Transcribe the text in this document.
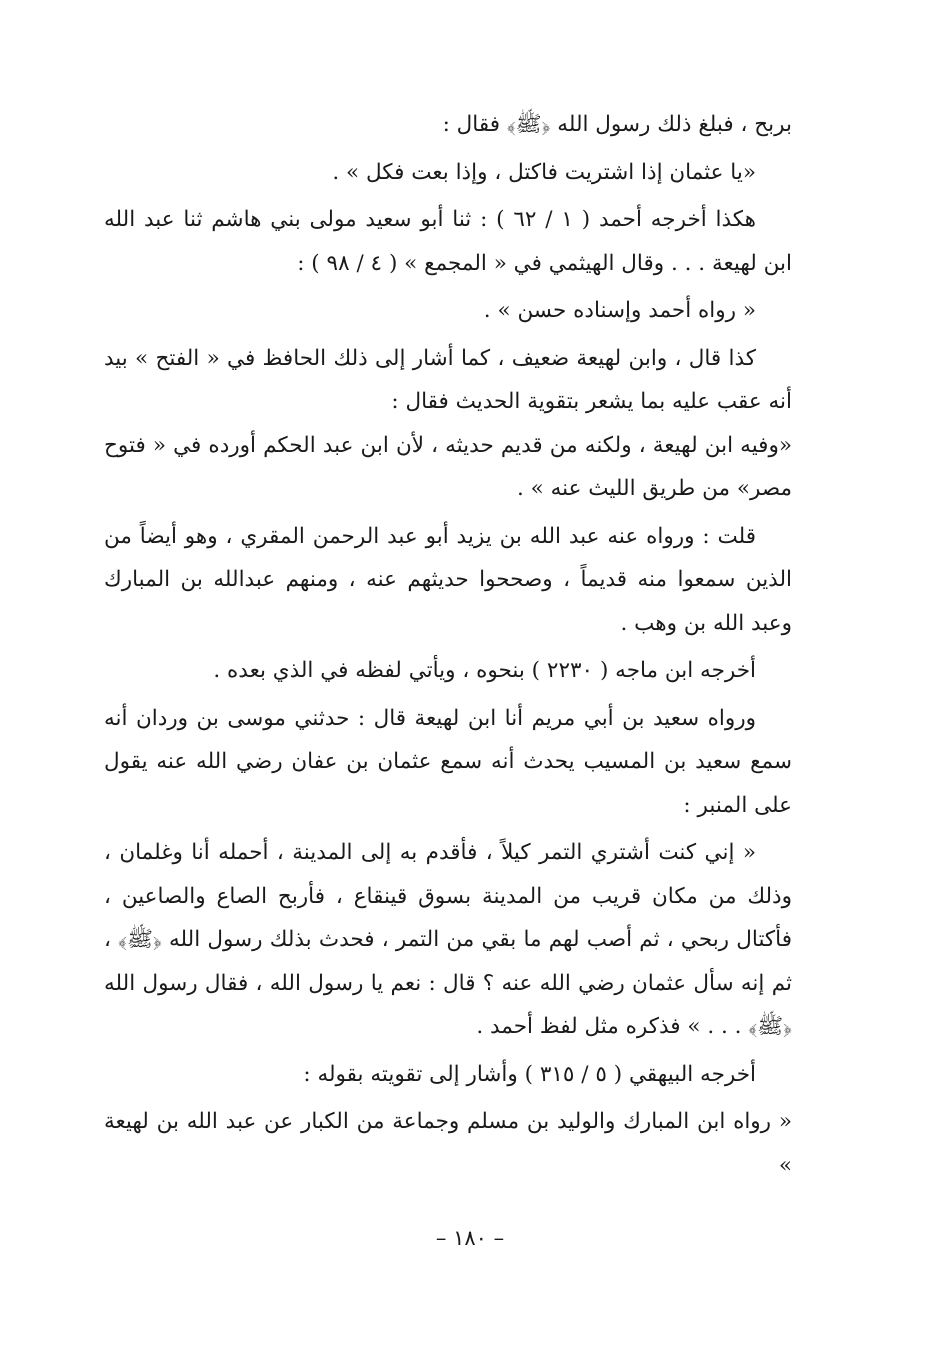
بربح ، فبلغ ذلك رسول الله ﴿ﷺ﴾ فقال :

«يا عثمان إذا اشتريت فاكتل ، وإذا بعت فكل » .

هكذا أخرجه أحمد ( ١ / ٦٢ ) : ثنا أبو سعيد مولى بني هاشم ثنا عبد الله ابن لهيعة . . . وقال الهيثمي في « المجمع » ( ٤ / ٩٨ ) :

« رواه أحمد وإسناده حسن » .

كذا قال ، وابن لهيعة ضعيف ، كما أشار إلى ذلك الحافظ في « الفتح » بيد أنه عقب عليه بما يشعر بتقوية الحديث فقال :

«وفيه ابن لهيعة ، ولكنه من قديم حديثه ، لأن ابن عبد الحكم أورده في « فتوح مصر» من طريق الليث عنه » .

قلت : ورواه عنه عبد الله بن يزيد أبو عبد الرحمن المقري ، وهو أيضاً من الذين سمعوا منه قديماً ، وصححوا حديثهم عنه ، ومنهم عبدالله بن المبارك وعبد الله بن وهب .

أخرجه ابن ماجه ( ٢٢٣٠ ) بنحوه ، ويأتي لفظه في الذي بعده .

ورواه سعيد بن أبي مريم أنا ابن لهيعة قال : حدثني موسى بن وردان أنه سمع سعيد بن المسيب يحدث أنه سمع عثمان بن عفان رضي الله عنه يقول على المنبر :

« إني كنت أشتري التمر كيلاً ، فأقدم به إلى المدينة ، أحمله أنا وغلمان ، وذلك من مكان قريب من المدينة بسوق قينقاع ، فأربح الصاع والصاعين ، فأكتال ربحي ، ثم أصب لهم ما بقي من التمر ، فحدث بذلك رسول الله ﴿ﷺ﴾ ، ثم إنه سأل عثمان رضي الله عنه ؟ قال : نعم يا رسول الله ، فقال رسول الله ﴿ﷺ﴾ . . . » فذكره مثل لفظ أحمد .

أخرجه البيهقي ( ٥ / ٣١٥ ) وأشار إلى تقويته بقوله :

« رواه ابن المبارك والوليد بن مسلم وجماعة من الكبار عن عبد الله بن لهيعة »

– ١٨٠ –
